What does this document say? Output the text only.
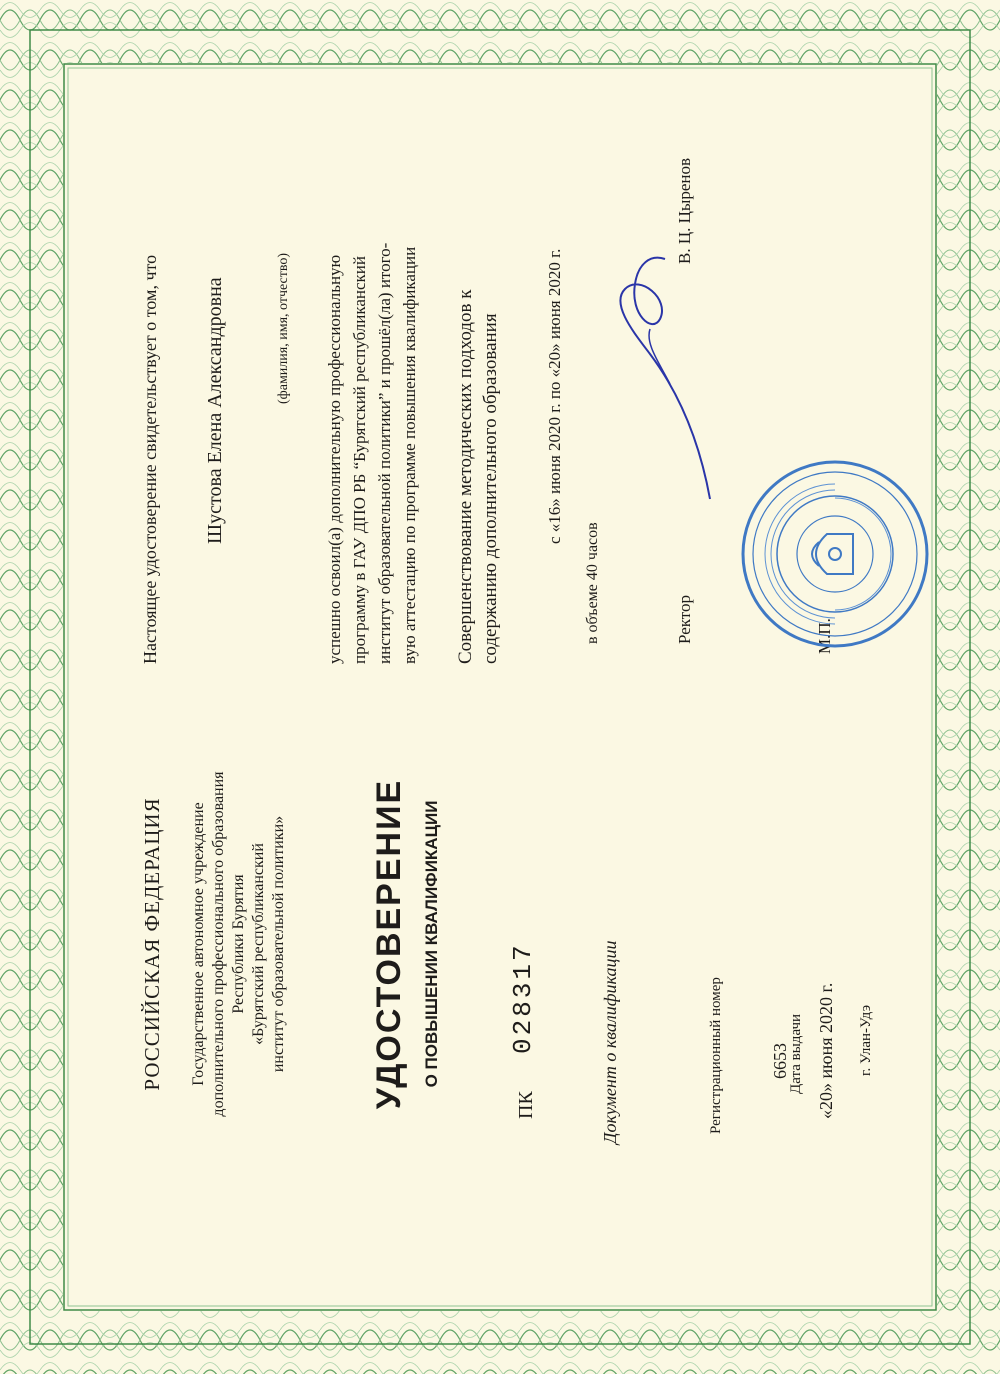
РОССИЙСКАЯ ФЕДЕРАЦИЯ Государственное автономное учреждение дополнительного профессионального образования Республики Бурятия «Бурятский республиканский институт образовательной политики» УДОСТОВЕРЕНИЕ О ПОВЫШЕНИИ КВАЛИФИКАЦИИ
ПК
028317	Документ о квалификации	Регистрационный номер	6653
Дата выдачи «20» июня 2020 г. г. Улан-Удэ
Настоящее удостоверение свидетельствует о том, что Шустова Елена Александровна	(фамилия, имя, отчество) успешно освоил(а) дополнительную профессиональную программу в ГАУ ДПО РБ “Бурятский республиканский институт образовательной политики” и прошёл(ла) итого- вую аттестацию по программе повышения квалификации Совершенствование методических подходов к содержанию дополнительного образования	с «16» июня 2020 г. по «20» июня 2020 г.
в объеме 40 часов	Ректор
В. Ц. Цыренов
М.П.
